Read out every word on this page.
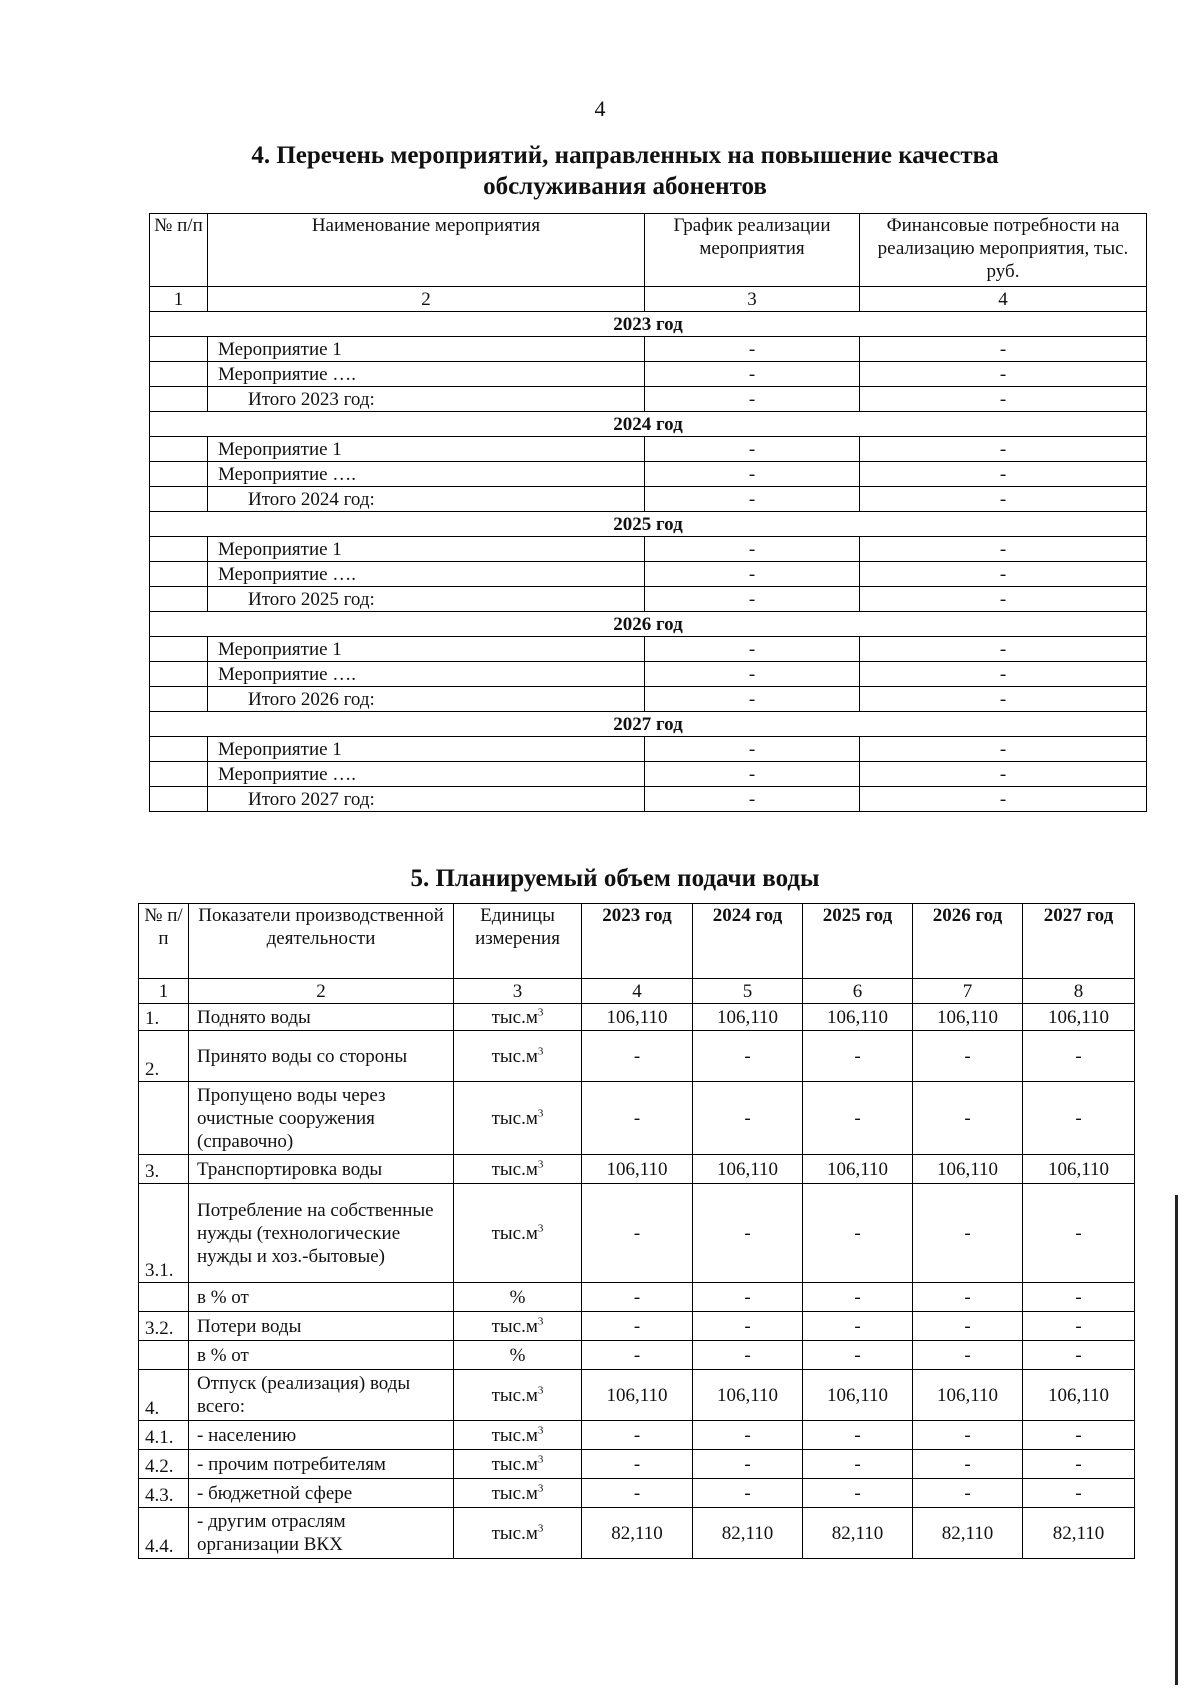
4
4. Перечень мероприятий, направленных на повышение качества
обслуживания абонентов
№ п/п	Наименование мероприятия	График реализации мероприятия	Финансовые потребности на реализацию мероприятия, тыс. руб.
1	2	3	4
2023 год			
	Мероприятие 1	-	-
	Мероприятие ….	-	-
	Итого 2023 год:	-	-
2024 год			
	Мероприятие 1	-	-
	Мероприятие ….	-	-
	Итого 2024 год:	-	-
2025 год			
	Мероприятие 1	-	-
	Мероприятие ….	-	-
	Итого 2025 год:	-	-
2026 год			
	Мероприятие 1	-	-
	Мероприятие ….	-	-
	Итого 2026 год:	-	-
2027 год			
	Мероприятие 1	-	-
	Мероприятие ….	-	-
	Итого 2027 год:	-	-
5. Планируемый объем подачи воды
№ п/п	Показатели производственной деятельности	Единицы измерения	2023 год	2024 год	2025 год	2026 год	2027 год
1	2	3	4	5	6	7	8
1.	Поднято воды	$тыс.м^3$	106,110	106,110	106,110	106,110	106,110
2.	Принято воды со стороны	$тыс.м^3$	-	-	-	-	-
	Пропущено воды через очистные сооружения (справочно)	$тыс.м^3$	-	-	-	-	-
3.	Транспортировка воды	$тыс.м^3$	106,110	106,110	106,110	106,110	106,110
3.1.	Потребление на собственные нужды (технологические нужды и хоз.-бытовые)	$тыс.м^3$	-	-	-	-	-
	в % от	%	-	-	-	-	-
3.2.	Потери воды	$тыс.м^3$	-	-	-	-	-
	в % от	%	-	-	-	-	-
4.	Отпуск (реализация) воды всего:	$тыс.м^3$	106,110	106,110	106,110	106,110	106,110
4.1.	- населению	$тыс.м^3$	-	-	-	-	-
4.2.	- прочим потребителям	$тыс.м^3$	-	-	-	-	-
4.3.	- бюджетной сфере	$тыс.м^3$	-	-	-	-	-
4.4.	- другим отраслям организации ВКХ	$тыс.м^3$	82,110	82,110	82,110	82,110	82,110
